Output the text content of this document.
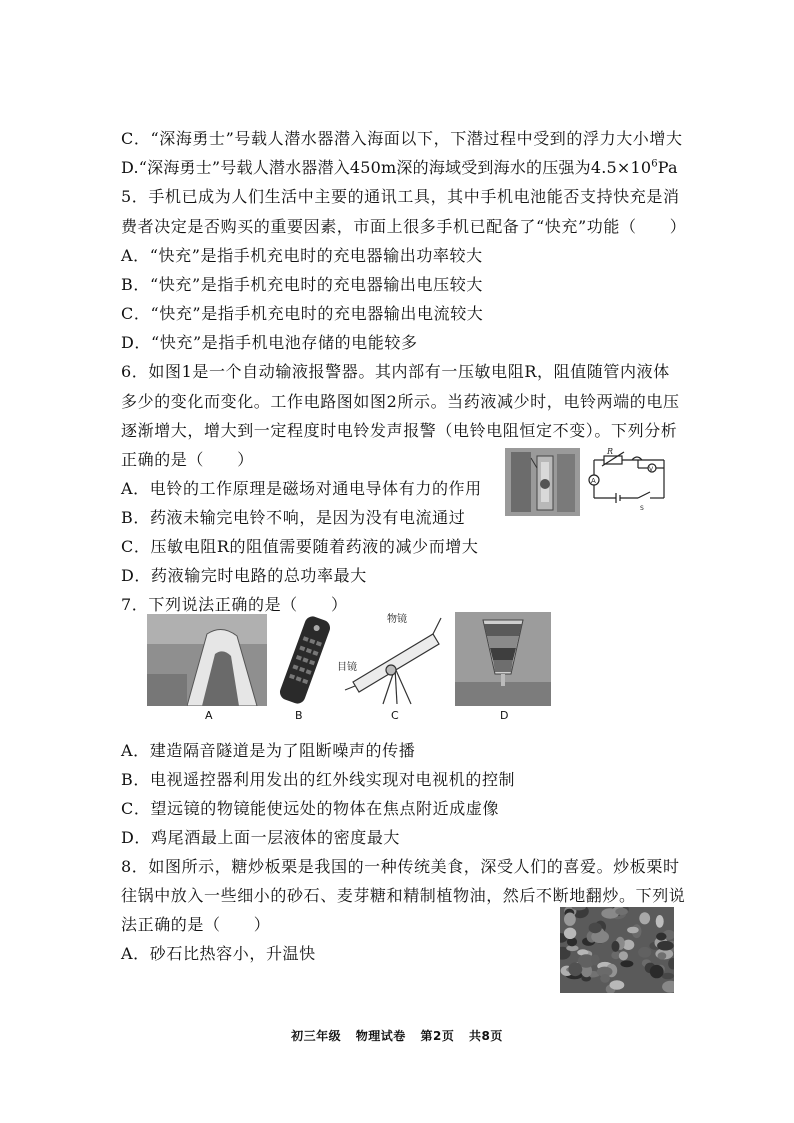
C．“深海勇士”号载人潜水器潜入海面以下，下潜过程中受到的浮力大小增大
D.“深海勇士”号载人潜水器潜入450m深的海域受到海水的压强为$4.5\times 10^6Pa$
5．手机已成为人们生活中主要的通讯工具，其中手机电池能否支持快充是消
费者决定是否购买的重要因素，市面上很多手机已配备了“快充”功能（　　）
A．“快充”是指手机充电时的充电器输出功率较大
B．“快充”是指手机充电时的充电器输出电压较大
C．“快充”是指手机充电时的充电器输出电流较大
D．“快充”是指手机电池存储的电能较多
6．如图1是一个自动输液报警器。其内部有一压敏电阻R，阻值随管内液体
多少的变化而变化。工作电路图如图2所示。当药液减少时，电铃两端的电压
逐渐增大，增大到一定程度时电铃发声报警（电铃电阻恒定不变）。下列分析
正确的是（　　）
A．电铃的工作原理是磁场对通电导体有力的作用
B．药液未输完电铃不响，是因为没有电流通过
C．压敏电阻R的阻值需要随着药液的减少而增大
D．药液输完时电路的总功率最大
R
A
V
S
7．下列说法正确的是（　　）
A	B
物镜
目镜
C	D
A．建造隔音隧道是为了阻断噪声的传播
B．电视遥控器利用发出的红外线实现对电视机的控制
C．望远镜的物镜能使远处的物体在焦点附近成虚像
D．鸡尾酒最上面一层液体的密度最大
8．如图所示，糖炒板栗是我国的一种传统美食，深受人们的喜爱。炒板栗时
往锅中放入一些细小的砂石、麦芽糖和精制植物油，然后不断地翻炒。下列说
法正确的是（　　）
A．砂石比热容小，升温快
初三年级 物理试卷 第2页 共8页
